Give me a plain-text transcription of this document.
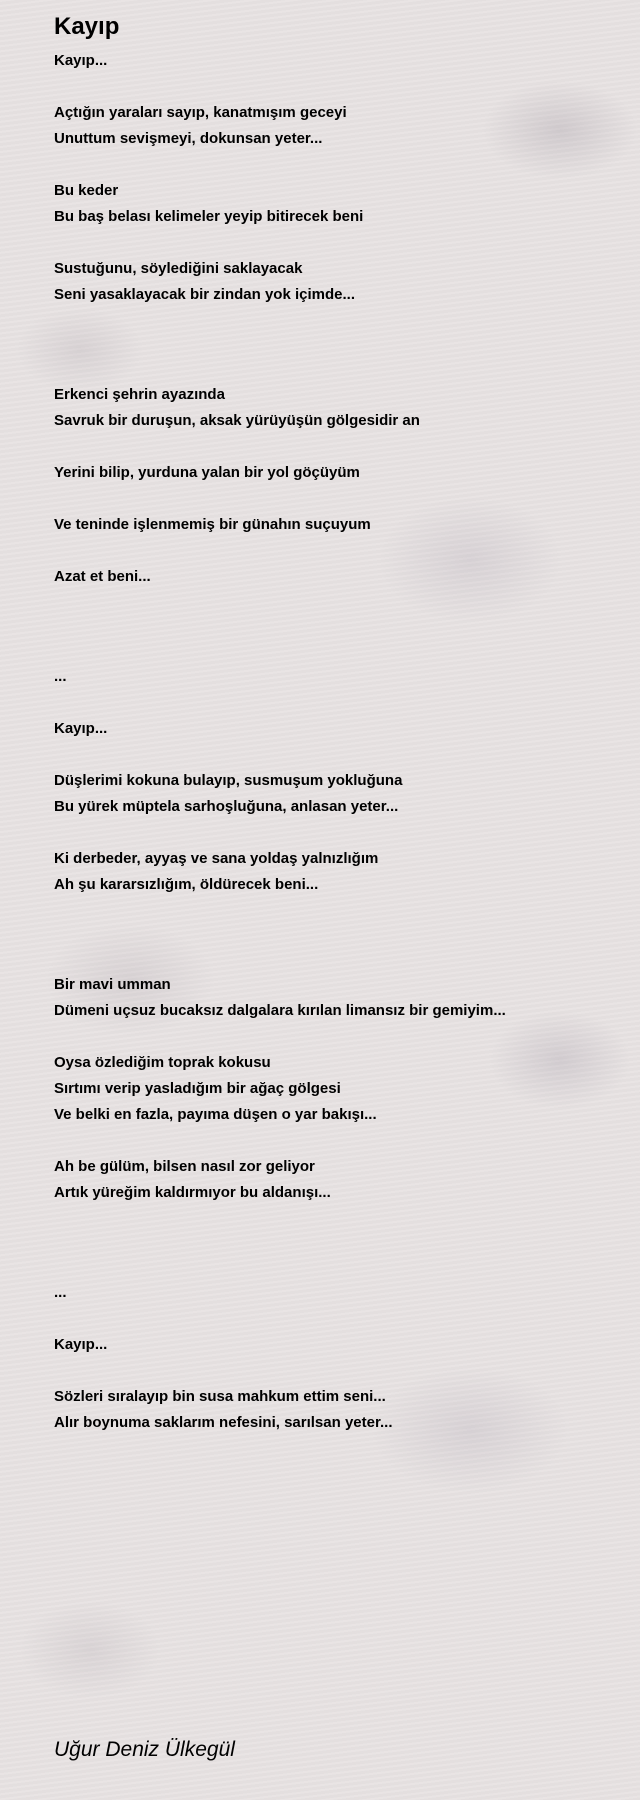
Kayıp
Kayıp...
Açtığın yaraları sayıp, kanatmışım geceyi
Unuttum sevişmeyi, dokunsan yeter...
Bu keder
Bu baş belası kelimeler yeyip bitirecek beni
Sustuğunu, söylediğini saklayacak
Seni yasaklayacak bir zindan yok içimde...
Erkenci şehrin ayazında
Savruk bir duruşun, aksak yürüyüşün gölgesidir an
Yerini bilip, yurduna yalan bir yol göçüyüm
Ve teninde işlenmemiş bir günahın suçuyum
Azat et beni...
...
Kayıp...
Düşlerimi kokuna bulayıp, susmuşum yokluğuna
Bu yürek müptela sarhoşluğuna, anlasan yeter...
Ki derbeder, ayyaş ve sana yoldaş yalnızlığım
Ah şu kararsızlığım, öldürecek beni...
Bir mavi umman
Dümeni uçsuz bucaksız dalgalara kırılan limansız bir gemiyim...
Oysa özlediğim toprak kokusu
Sırtımı verip yasladığım bir ağaç gölgesi
Ve belki en fazla, payıma düşen o yar bakışı...
Ah be gülüm, bilsen nasıl zor geliyor
Artık yüreğim kaldırmıyor bu aldanışı...
...
Kayıp...
Sözleri sıralayıp bin susa mahkum ettim seni...
Alır boynuma saklarım nefesini, sarılsan yeter...
Uğur Deniz Ülkegül
